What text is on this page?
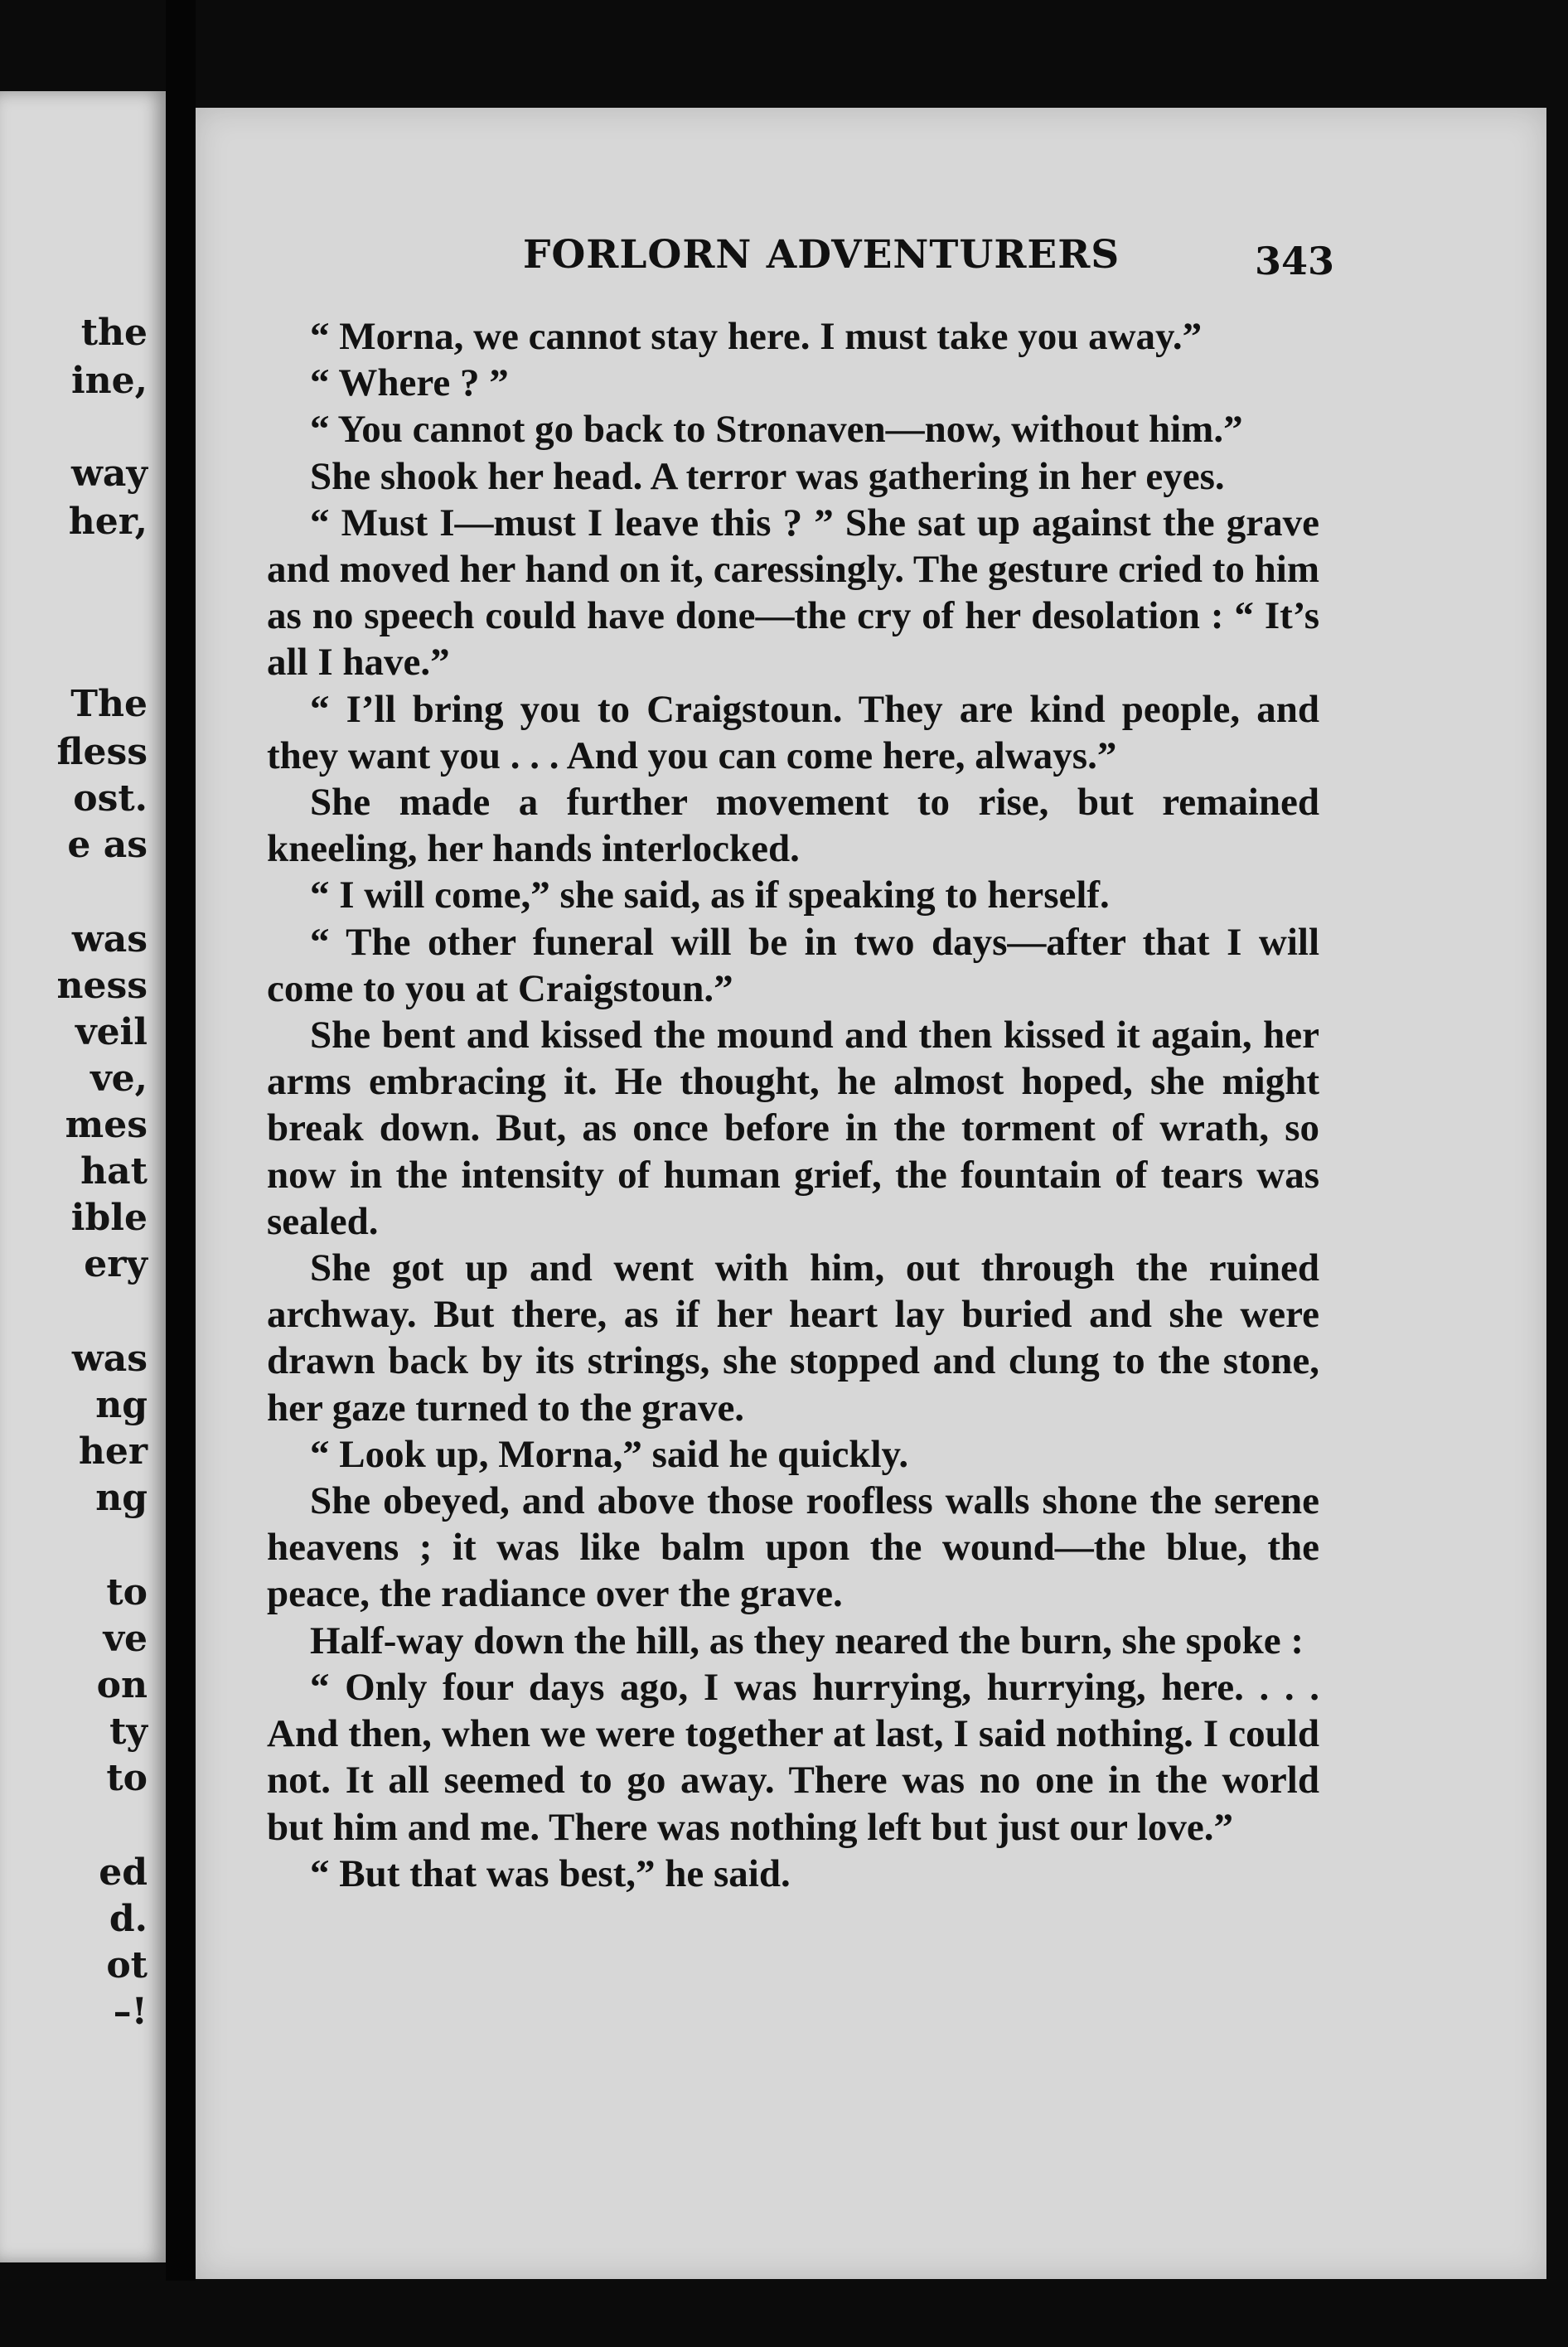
the
ine,
way
her,
The
fless
ost.
e as
was
ness
veil
ve,
mes
hat
ible
ery
was
ng
her
ng
to
ve
on
ty
to
ed
d.
ot
–!
FORLORN ADVENTURERS	343

“ Morna, we cannot stay here. I must take you away.”

“ Where ? ”

“ You cannot go back to Stronaven—now, without him.”

She shook her head. A terror was gathering in her eyes.

“ Must I—must I leave this ? ” She sat up against the grave and moved her hand on it, caressingly. The gesture cried to him as no speech could have done—the cry of her desolation : “ It’s all I have.”

“ I’ll bring you to Craigstoun. They are kind people, and they want you . . . And you can come here, always.”

She made a further movement to rise, but remained kneeling, her hands interlocked.

“ I will come,” she said, as if speaking to herself.

“ The other funeral will be in two days—after that I will come to you at Craigstoun.”

She bent and kissed the mound and then kissed it again, her arms embracing it. He thought, he almost hoped, she might break down. But, as once before in the torment of wrath, so now in the intensity of human grief, the fountain of tears was sealed.

She got up and went with him, out through the ruined archway. But there, as if her heart lay buried and she were drawn back by its strings, she stopped and clung to the stone, her gaze turned to the grave.

“ Look up, Morna,” said he quickly.

She obeyed, and above those roofless walls shone the serene heavens ; it was like balm upon the wound—the blue, the peace, the radiance over the grave.

Half-way down the hill, as they neared the burn, she spoke :

“ Only four days ago, I was hurrying, hurrying, here. . . . And then, when we were together at last, I said nothing. I could not. It all seemed to go away. There was no one in the world but him and me. There was nothing left but just our love.”

“ But that was best,” he said.
